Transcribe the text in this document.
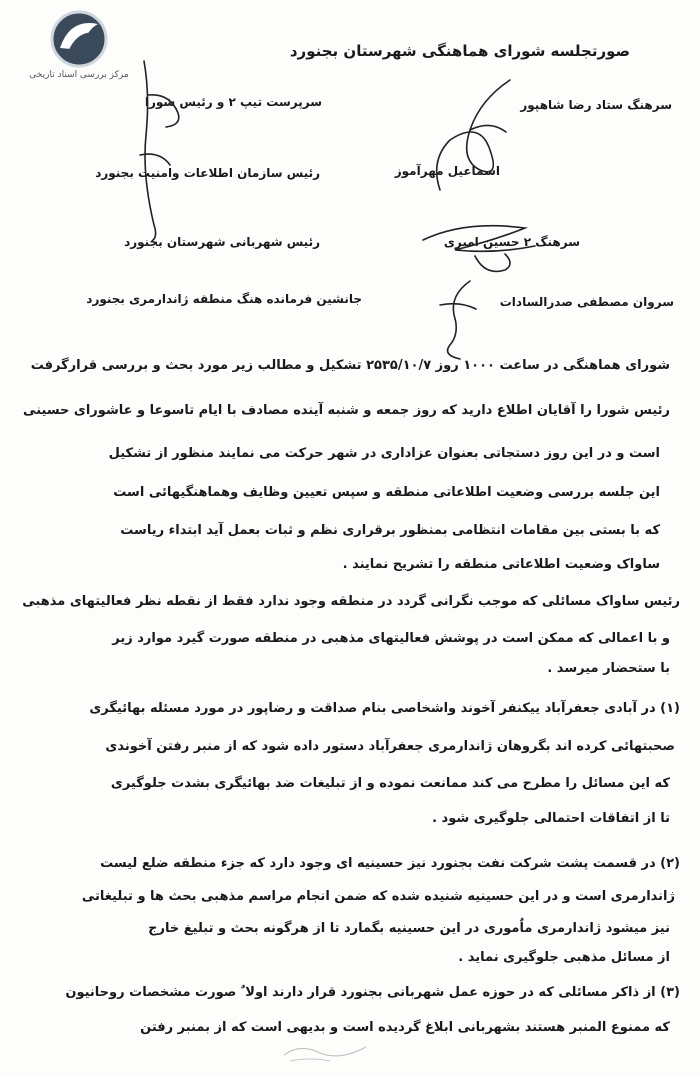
مرکز بررسی اسناد تاریخی
صورتجلسه شورای هماهنگی شهرستان بجنورد
سرهنگ ستاد رضا شاهپور
سرپرست تیپ ۲ و رئیس شورا
اسماعیل مهرآموز
رئیس سازمان اطلاعات وامنیت بجنورد
رئیس شهربانی شهرستان بجنورد	سرهنگ ۲ حسین امیری
جانشین فرمانده هنگ منطقه ژاندارمری بجنورد	سروان مصطفی صدرالسادات
شورای هماهنگی در ساعت ۱۰۰۰ روز ۲۵۳۵/۱۰/۷ تشکیل و مطالب زیر مورد بحث و بررسی قرارگرفت
رئیس شورا را آقایان اطلاع دارید که روز جمعه و شنبه آینده مصادف با ایام تاسوعا و عاشورای حسینی
است و در این روز دستجاتی بعنوان عزاداری در شهر حرکت می نمایند منظور از تشکیل
این جلسه بررسی وضعیت اطلاعاتی منطقه و سپس تعیین وظایف وهماهنگیهائی است
که با بستی بین مقامات انتظامی بمنظور برقراری نظم و ثبات بعمل آید ابتداء ریاست
ساواک وضعیت اطلاعاتی منطقه را تشریح نمایند .
رئیس ساواک مسائلی که موجب نگرانی گردد در منطقه وجود ندارد فقط از نقطه نظر فعالیتهای مذهبی
و با اعمالی که ممکن است در پوشش فعالیتهای مذهبی در منطقه صورت گیرد موارد زیر
با ستحضار میرسد .
(۱) در آبادی جعفرآباد ییکنفر آخوند واشخاصی بنام صداقت و رضاپور در مورد مسئله بهائیگری
صحبتهائی کرده اند بگروهان ژاندارمری جعفرآباد دستور داده شود که از منبر رفتن آخوندی
که این مسائل را مطرح می کند ممانعت نموده و از تبلیغات ضد بهائیگری بشدت جلوگیری
تا از اتفاقات احتمالی جلوگیری شود .
(۲) در قسمت پشت شرکت نفت بجنورد نیز حسینیه ای وجود دارد که جزء منطقه ضلع لیست
ژاندارمری است و در این حسینیه شنیده شده که ضمن انجام مراسم مذهبی بحث ها و تبلیغاتی
نیز میشود ژاندارمری ماٌموری در این حسینیه بگمارد تا از هرگونه بحث و تبلیغ خارج
از مسائل مذهبی جلوگیری نماید .
(۳) از ذاکر مسائلی که در حوزه عمل شهربانی بجنورد قرار دارند اولا ٌ صورت مشخصات روحانیون
که ممنوع المنبر هستند بشهربانی ابلاغ گردیده است و بدیهی است که از بمنبر رفتن
